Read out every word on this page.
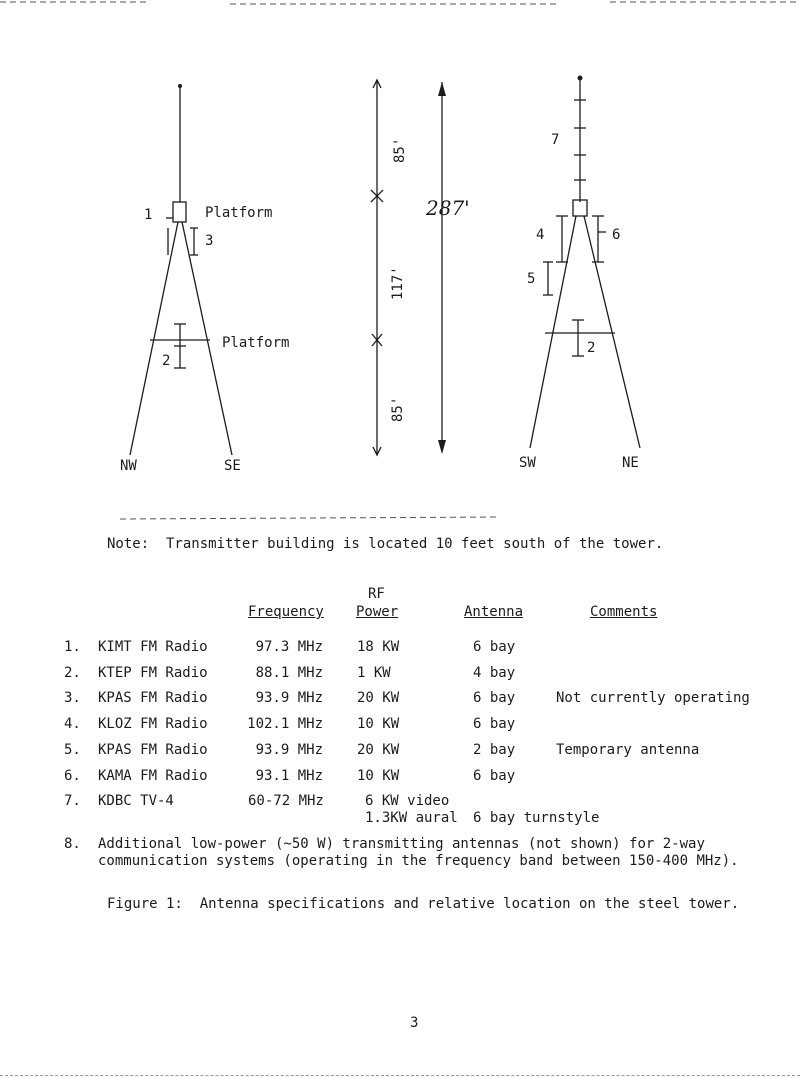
1	Platform
3
Platform
2
NW	SE
85'
117'
85'
287'
7
4	6
5
2
SW	NE
Note:  Transmitter building is located 10 feet south of the tower.
RF
Frequency Power	Antenna	Comments
1. KIMT FM Radio	97.3 MHz 18 KW	6 bay
2. KTEP FM Radio	88.1 MHz 1 KW	4 bay
3. KPAS FM Radio	93.9 MHz 20 KW	6 bay	Not currently operating
4. KLOZ FM Radio	102.1 MHz 10 KW	6 bay
5. KPAS FM Radio	93.9 MHz 20 KW	2 bay	Temporary antenna
6. KAMA FM Radio	93.1 MHz 10 KW	6 bay
7. KDBC TV-4	60-72 MHz	6 KW video
1.3KW aural 6 bay turnstyle
8. Additional low-power (~50 W) transmitting antennas (not shown) for 2-way
communication systems (operating in the frequency band between 150-400 MHz).
Figure 1:  Antenna specifications and relative location on the steel tower.
3
